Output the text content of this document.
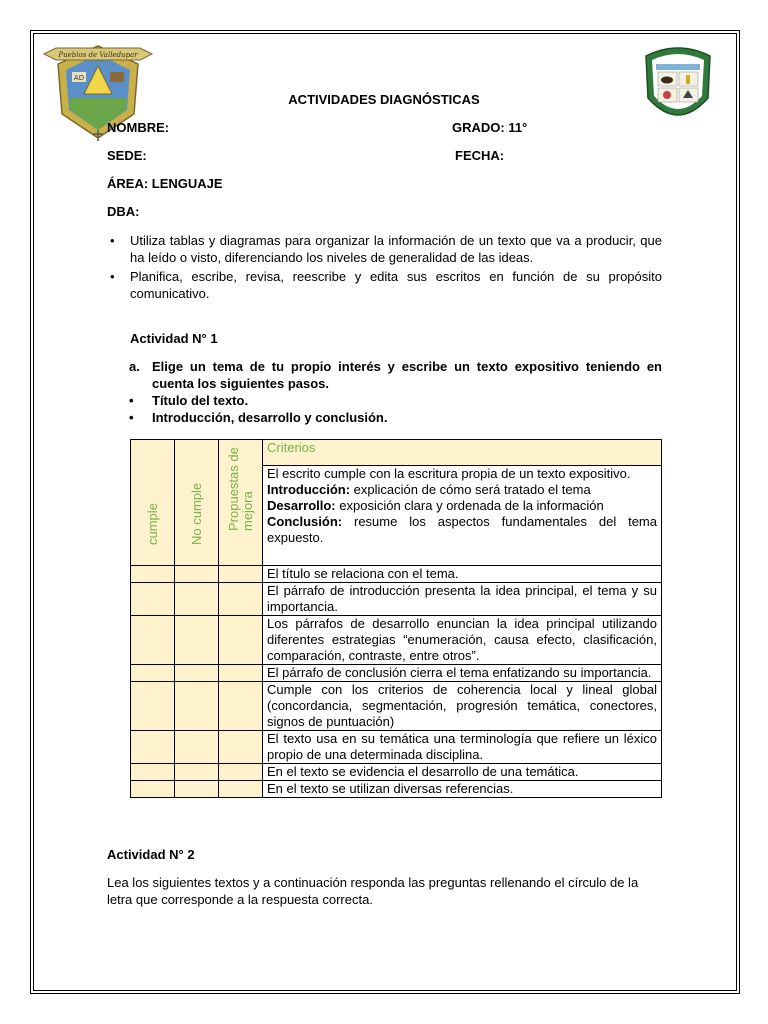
AD
Pueblos de Valledupar
ACTIVIDADES DIAGNÓSTICAS
NOMBRE:	GRADO: 11°
SEDE:	FECHA:
ÁREA: LENGUAJE
DBA:
• Utiliza tablas y diagramas para organizar la información de un texto que va a producir, que ha leído o visto, diferenciando los niveles de generalidad de las ideas.
• Planifica, escribe, revisa, reescribe y edita sus escritos en función de su propósito comunicativo.
Actividad N° 1
a. Elige un tema de tu propio interés y escribe un texto expositivo teniendo en cuenta los siguientes pasos.
• Título del texto.
• Introducción, desarrollo y conclusión.
cumple	No cumple	Propuestas de mejora	Criterios
			El escrito cumple con la escritura propia de un texto expositivo.
Introducción: explicación de cómo será tratado el tema
Desarrollo: exposición clara y ordenada de la información
Conclusión: resume los aspectos fundamentales del tema expuesto.
			El título se relaciona con el tema.
			El párrafo de introducción presenta la idea principal, el tema y su importancia.
			Los párrafos de desarrollo enuncian la idea principal utilizando diferentes estrategias “enumeración, causa efecto, clasificación, comparación, contraste, entre otros”.
			El párrafo de conclusión cierra el tema enfatizando su importancia.
			Cumple con los criterios de coherencia local y lineal global (concordancia, segmentación, progresión temática, conectores, signos de puntuación)
			El texto usa en su temática una terminología que refiere un léxico propio de una determinada disciplina.
			En el texto se evidencia el desarrollo de una temática.
			En el texto se utilizan diversas referencias.
Actividad N° 2
Lea los siguientes textos y a continuación responda las preguntas rellenando el círculo de la letra que corresponde a la respuesta correcta.
